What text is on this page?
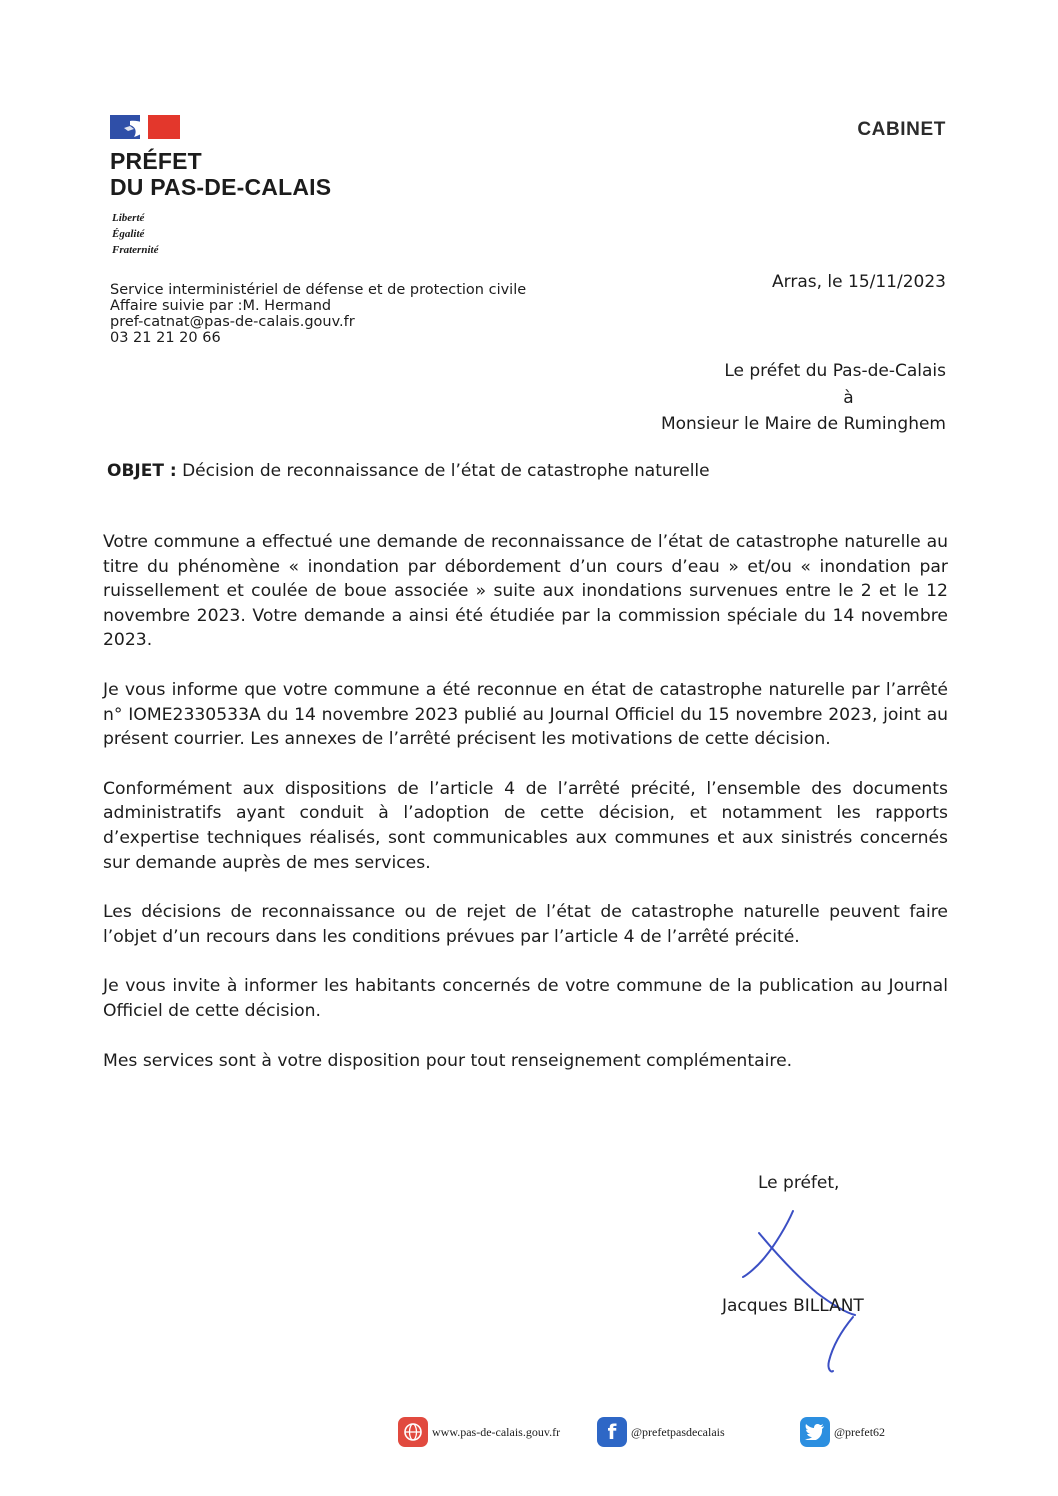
PRÉFET
DU PAS-DE-CALAIS
Liberté
Égalité
Fraternité
CABINET
Service interministériel de défense et de protection civile
Affaire suivie par :M. Hermand
pref-catnat@pas-de-calais.gouv.fr
03 21 21 20 66
Arras, le 15/11/2023
Le préfet du Pas-de-Calais
à
Monsieur le Maire de Ruminghem
OBJET : Décision de reconnaissance de l’état de catastrophe naturelle

Votre commune a effectué une demande de reconnaissance de l’état de catastrophe naturelle au titre du phénomène « inondation par débordement d’un cours d’eau » et/ou « inondation par ruissellement et coulée de boue associée » suite aux inondations survenues entre le 2 et le 12 novembre 2023. Votre demande a ainsi été étudiée par la commission spéciale du 14 novembre 2023.

Je vous informe que votre commune a été reconnue en état de catastrophe naturelle par l’arrêté n° IOME2330533A du 14 novembre 2023 publié au Journal Officiel du 15 novembre 2023, joint au présent courrier. Les annexes de l’arrêté précisent les motivations de cette décision.

Conformément aux dispositions de l’article 4 de l’arrêté précité, l’ensemble des documents administratifs ayant conduit à l’adoption de cette décision, et notamment les rapports d’expertise techniques réalisés, sont communicables aux communes et aux sinistrés concernés sur demande auprès de mes services.

Les décisions de reconnaissance ou de rejet de l’état de catastrophe naturelle peuvent faire l’objet d’un recours dans les conditions prévues par l’article 4 de l’arrêté précité.

Je vous invite à informer les habitants concernés de votre commune de la publication au Journal Officiel de cette décision.

Mes services sont à votre disposition pour tout renseignement complémentaire.

Le préfet,
Jacques BILLANT
www.pas-de-calais.gouv.fr f @prefetpasdecalais	@prefet62
